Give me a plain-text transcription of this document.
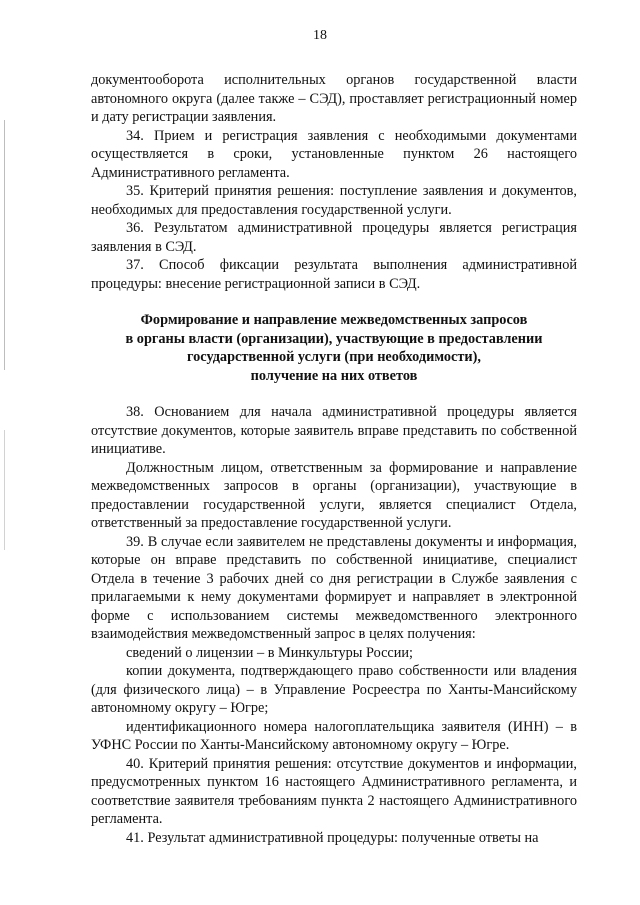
18

документооборота исполнительных органов государственной власти автономного округа (далее также – СЭД), проставляет регистрационный номер и дату регистрации заявления.

34. Прием и регистрация заявления с необходимыми документами осуществляется в сроки, установленные пунктом 26 настоящего Административного регламента.

35. Критерий принятия решения: поступление заявления и документов, необходимых для предоставления государственной услуги.

36. Результатом административной процедуры является регистрация заявления в СЭД.

37. Способ фиксации результата выполнения административной процедуры: внесение регистрационной записи в СЭД.

Формирование и направление межведомственных запросов
в органы власти (организации), участвующие в предоставлении
государственной услуги (при необходимости),
получение на них ответов

38. Основанием для начала административной процедуры является отсутствие документов, которые заявитель вправе представить по собственной инициативе.

Должностным лицом, ответственным за формирование и направление межведомственных запросов в органы (организации), участвующие в предоставлении государственной услуги, является специалист Отдела, ответственный за предоставление государственной услуги.

39. В случае если заявителем не представлены документы и информация, которые он вправе представить по собственной инициативе, специалист Отдела в течение 3 рабочих дней со дня регистрации в Службе заявления с прилагаемыми к нему документами формирует и направляет в электронной форме с использованием системы межведомственного электронного взаимодействия межведомственный запрос в целях получения:

сведений о лицензии – в Минкультуры России;

копии документа, подтверждающего право собственности или владения (для физического лица) – в Управление Росреестра по Ханты-Мансийскому автономному округу – Югре;

идентификационного номера налогоплательщика заявителя (ИНН) – в УФНС России по Ханты-Мансийскому автономному округу – Югре.

40. Критерий принятия решения: отсутствие документов и информации, предусмотренных пунктом 16 настоящего Административного регламента, и соответствие заявителя требованиям пункта 2 настоящего Административного регламента.

41. Результат административной процедуры: полученные ответы на
